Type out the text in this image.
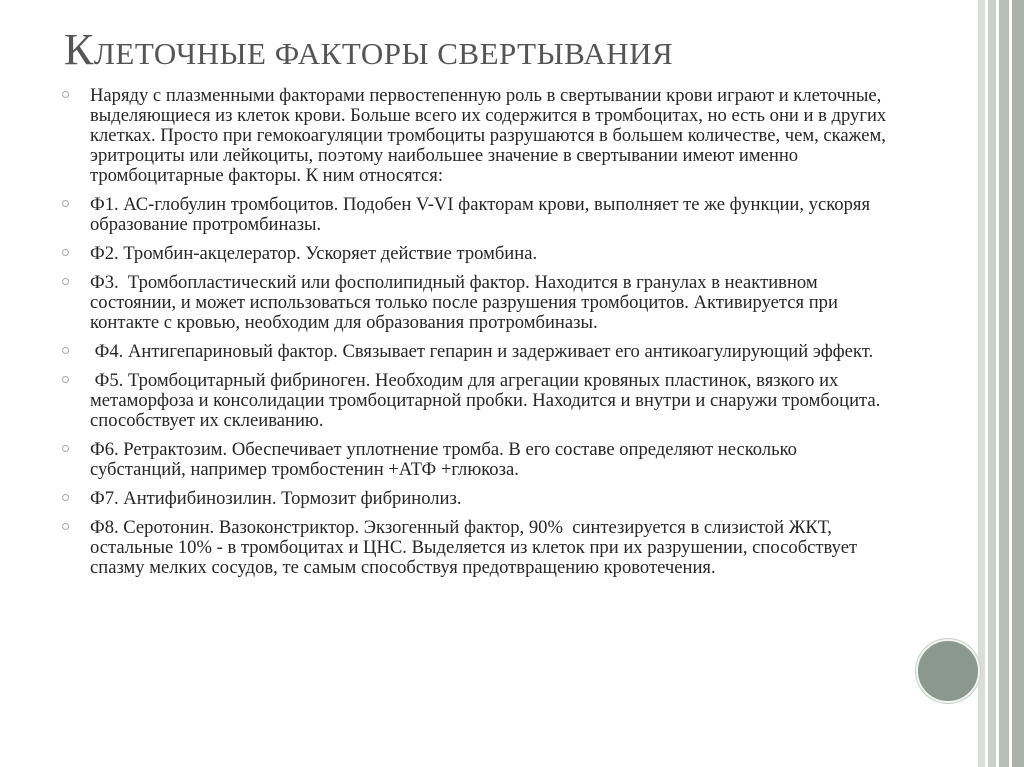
КЛЕТОЧНЫЕ ФАКТОРЫ СВЕРТЫВАНИЯ
Наряду с плазменными факторами первостепенную роль в свертывании крови играют и клеточные, выделяющиеся из клеток крови. Больше всего их содержится в тромбоцитах, но есть они и в других клетках. Просто при гемокоагуляции тромбоциты разрушаются в большем количестве, чем, скажем, эритроциты или лейкоциты, поэтому наибольшее значение в свертывании имеют именно тромбоцитарные факторы. К ним относятся:
Ф1. АС-глобулин тромбоцитов. Подобен V-VI факторам крови, выполняет те же функции, ускоряя образование протромбиназы.
Ф2. Тромбин-акцелератор. Ускоряет действие тромбина.
Ф3.  Тромбопластический или фосполипидный фактор. Находится в гранулах в неактивном состоянии, и может использоваться только после разрушения тромбоцитов. Активируется при контакте с кровью, необходим для образования протромбиназы.
Ф4. Антигепариновый фактор. Связывает гепарин и задерживает его антикоагулирующий эффект.
Ф5. Тромбоцитарный фибриноген. Необходим для агрегации кровяных пластинок, вязкого их метаморфоза и консолидации тромбоцитарной пробки. Находится и внутри и снаружи тромбоцита. способствует их склеиванию.
Ф6. Ретрактозим. Обеспечивает уплотнение тромба. В его составе определяют несколько субстанций, например тромбостенин +АТФ +глюкоза.
Ф7. Антифибинозилин. Тормозит фибринолиз.
Ф8. Серотонин. Вазоконстриктор. Экзогенный фактор, 90%  синтезируется в слизистой ЖКТ, остальные 10% - в тромбоцитах и ЦНС. Выделяется из клеток при их разрушении, способствует спазму мелких сосудов, те самым способствуя предотвращению кровотечения.
